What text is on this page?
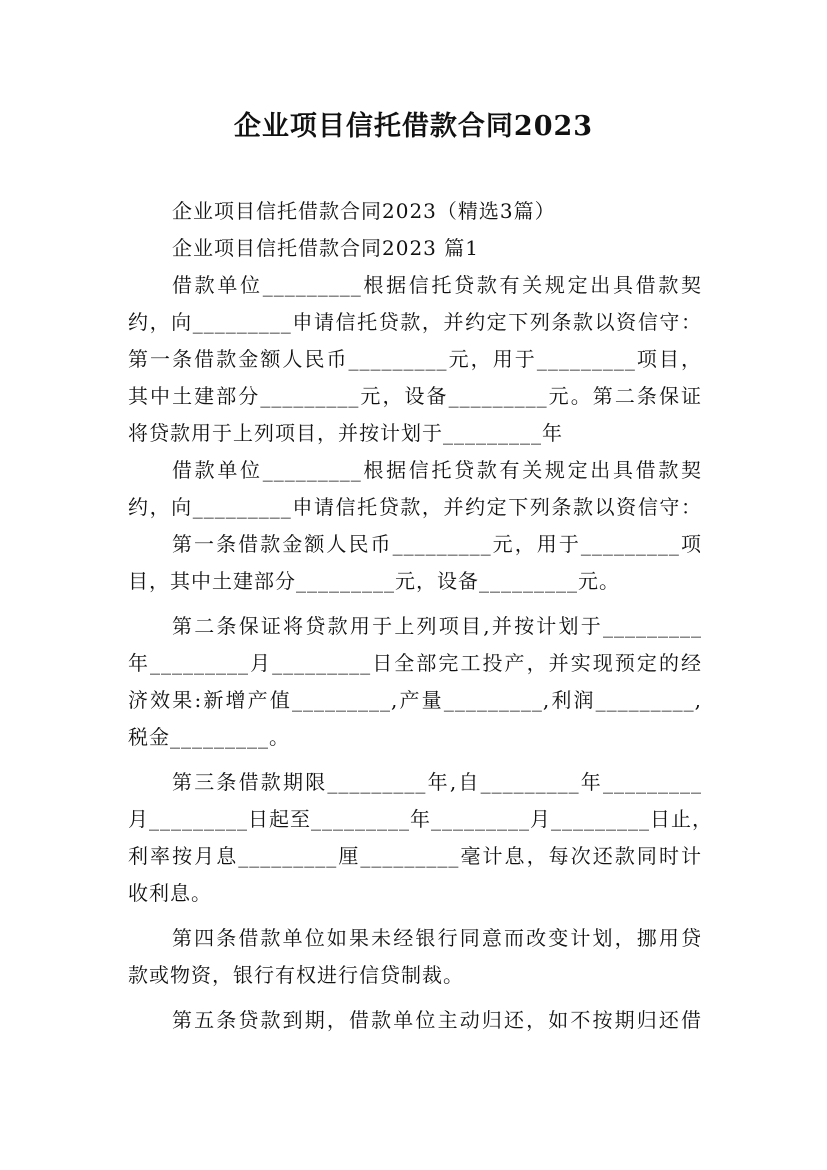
企业项目信托借款合同2023
企业项目信托借款合同2023（精选3篇）
企业项目信托借款合同2023 篇1
借款单位_________根据信托贷款有关规定出具借款契
约，向_________申请信托贷款，并约定下列条款以资信守：
第一条借款金额人民币_________元，用于_________项目，
其中土建部分_________元，设备_________元。第二条保证
将贷款用于上列项目，并按计划于_________年
借款单位_________根据信托贷款有关规定出具借款契
约，向_________申请信托贷款，并约定下列条款以资信守：
第一条借款金额人民币_________元，用于_________项
目，其中土建部分_________元，设备_________元。
第二条保证将贷款用于上列项目,并按计划于_________
年_________月_________日全部完工投产，并实现预定的经
济效果:新增产值_________,产量_________,利润_________,
税金_________。
第三条借款期限_________年,自_________年_________
月_________日起至_________年_________月_________日止，
利率按月息_________厘_________毫计息，每次还款同时计
收利息。
第四条借款单位如果未经银行同意而改变计划，挪用贷
款或物资，银行有权进行信贷制裁。
第五条贷款到期，借款单位主动归还，如不按期归还借
